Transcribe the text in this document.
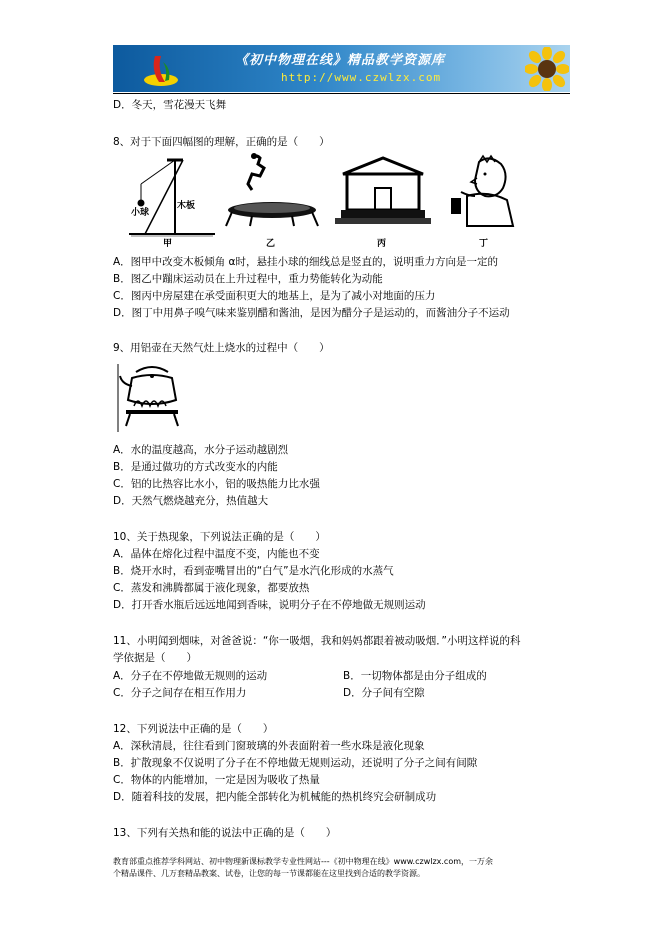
《初中物理在线》精品教学资源库
http://www.czwlzx.com
D．冬天，雪花漫天飞舞
8、对于下面四幅图的理解，正确的是（　　）
小球
木板
甲	乙	丙	丁
A．图甲中改变木板倾角 α时，悬挂小球的细线总是竖直的，说明重力方向是一定的
B．图乙中蹦床运动员在上升过程中，重力势能转化为动能
C．图丙中房屋建在承受面积更大的地基上，是为了减小对地面的压力
D．图丁中用鼻子嗅气味来鉴别醋和酱油，是因为醋分子是运动的，而酱油分子不运动
9、用铝壶在天然气灶上烧水的过程中（　　）
A．水的温度越高，水分子运动越剧烈
B．是通过做功的方式改变水的内能
C．铝的比热容比水小，铝的吸热能力比水强
D．天然气燃烧越充分，热值越大
10、关于热现象，下列说法正确的是（　　）
A．晶体在熔化过程中温度不变，内能也不变
B．烧开水时，看到壶嘴冒出的“白气”是水汽化形成的水蒸气
C．蒸发和沸腾都属于液化现象，都要放热
D．打开香水瓶后远远地闻到香味，说明分子在不停地做无规则运动
11、小明闻到烟味，对爸爸说：“你一吸烟，我和妈妈都跟着被动吸烟．”小明这样说的科
学依据是（　　）
A．分子在不停地做无规则的运动	B．一切物体都是由分子组成的
C．分子之间存在相互作用力	D．分子间有空隙
12、下列说法中正确的是（　　）
A．深秋清晨，往往看到门窗玻璃的外表面附着一些水珠是液化现象
B．扩散现象不仅说明了分子在不停地做无规则运动，还说明了分子之间有间隙
C．物体的内能增加，一定是因为吸收了热量
D．随着科技的发展，把内能全部转化为机械能的热机终究会研制成功
13、下列有关热和能的说法中正确的是（　　）
教育部重点推荐学科网站、初中物理新课标教学专业性网站---《初中物理在线》www.czwlzx.com，一万余
个精品课件、几万套精品教案、试卷，让您的每一节课都能在这里找到合适的教学资源。
